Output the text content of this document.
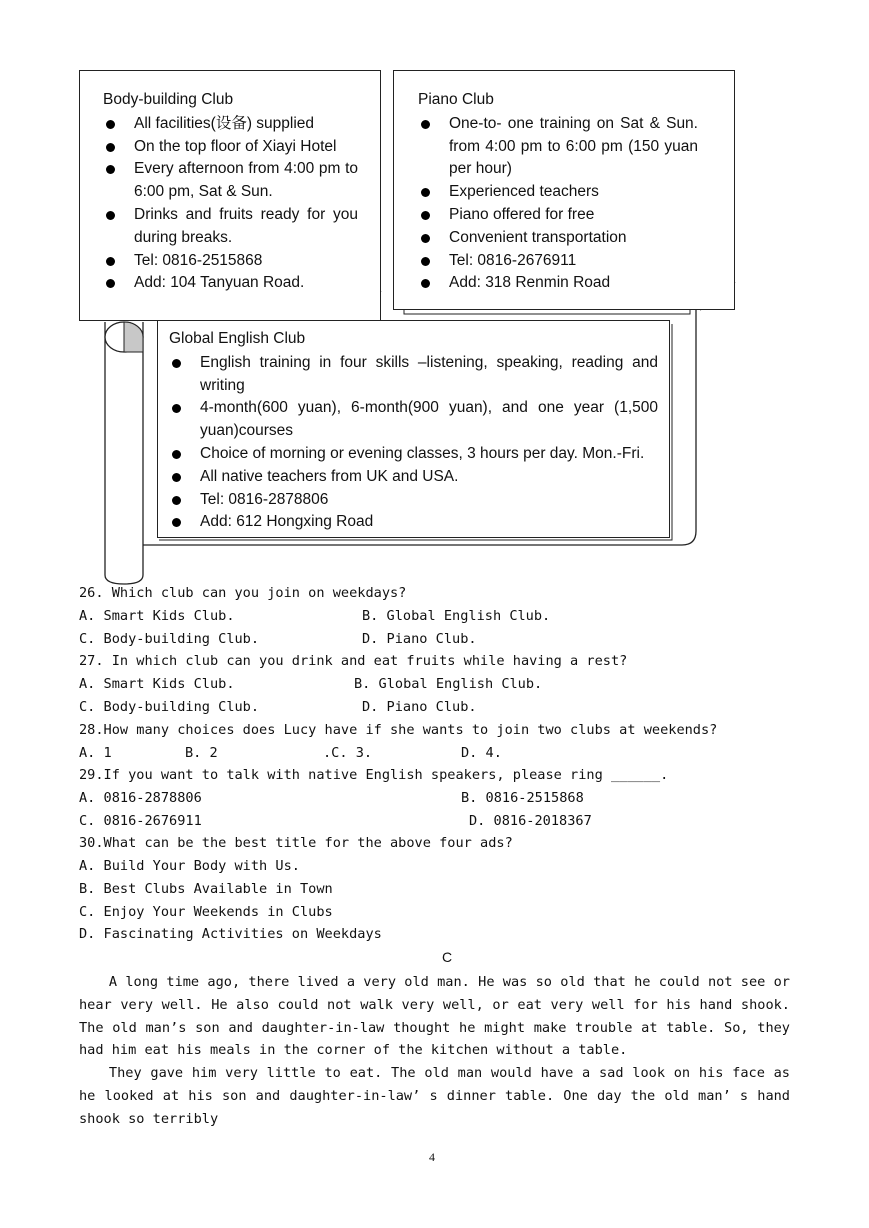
Body-building Club
All facilities(设备) supplied
On the top floor of Xiayi Hotel
Every afternoon from 4:00 pm to 6:00 pm, Sat & Sun.
Drinks and fruits ready for you during breaks.
Tel: 0816-2515868
Add: 104 Tanyuan Road.
Piano Club
One-to- one training on Sat & Sun. from 4:00 pm to 6:00 pm (150 yuan per hour)
Experienced teachers
Piano offered for free
Convenient transportation
Tel: 0816-2676911
Add: 318 Renmin Road
Global English Club
English training in four skills –listening, speaking, reading and writing
4-month(600 yuan), 6-month(900 yuan), and one year (1,500 yuan)courses
Choice of morning or evening classes, 3 hours per day. Mon.-Fri.
All native teachers from UK and USA.
Tel: 0816-2878806
Add: 612 Hongxing Road
26. Which club can you join on weekdays?
A. Smart Kids Club.	B. Global English Club.
C. Body-building Club.	D. Piano Club.
27. In which club can you drink and eat fruits while having a rest?
A. Smart Kids Club.	B. Global English Club.
C. Body-building Club.	D. Piano Club.
28.How many choices does Lucy have if she wants to join two clubs at weekends?
A. 1	B. 2	.C. 3.	D. 4.
29.If you want to talk with native English speakers, please ring ______.
A. 0816-2878806	B. 0816-2515868
C. 0816-2676911	D. 0816-2018367
30.What can be the best title for the above four ads?
A. Build Your Body with Us.
B. Best Clubs Available in Town
C. Enjoy Your Weekends in Clubs
D. Fascinating Activities on Weekdays
C

A long time ago, there lived a very old man. He was so old that he could not see or hear very well. He also could not walk very well, or eat very well for his hand shook. The old man’s son and daughter-in-law thought he might make trouble at table. So, they had him eat his meals in the corner of the kitchen without a table.

They gave him very little to eat. The old man would have a sad look on his face as he looked at his son and daughter-in-law’ s dinner table. One day the old man’ s hand shook so terribly

4
